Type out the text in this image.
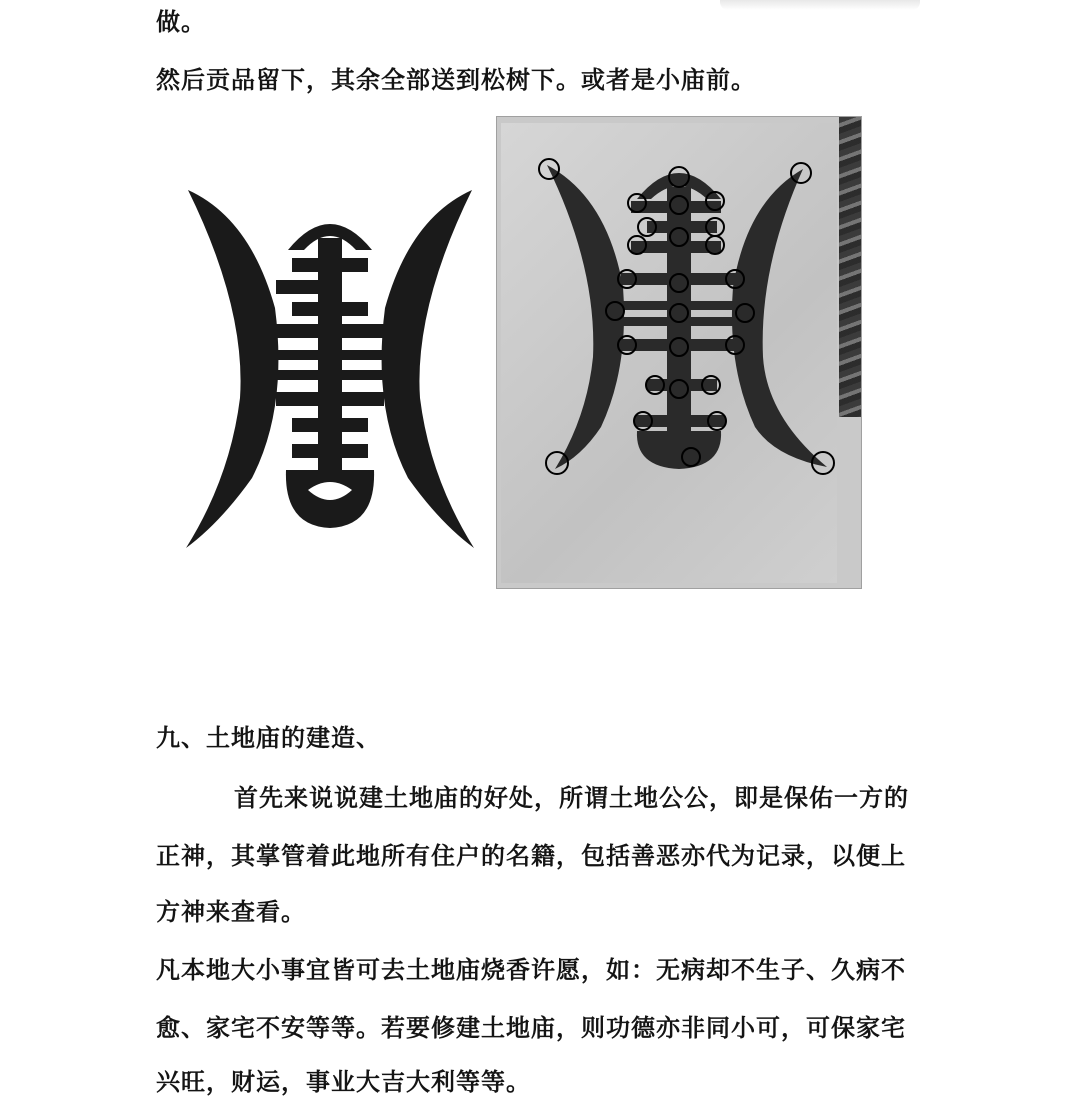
做。

然后贡品留下，其余全部送到松树下。或者是小庙前。

九、土地庙的建造、

首先来说说建土地庙的好处，所谓土地公公，即是保佑一方的

正神，其掌管着此地所有住户的名籍，包括善恶亦代为记录，以便上

方神来查看。

凡本地大小事宜皆可去土地庙烧香许愿，如：无病却不生子、久病不

愈、家宅不安等等。若要修建土地庙，则功德亦非同小可，可保家宅

兴旺，财运，事业大吉大利等等。
